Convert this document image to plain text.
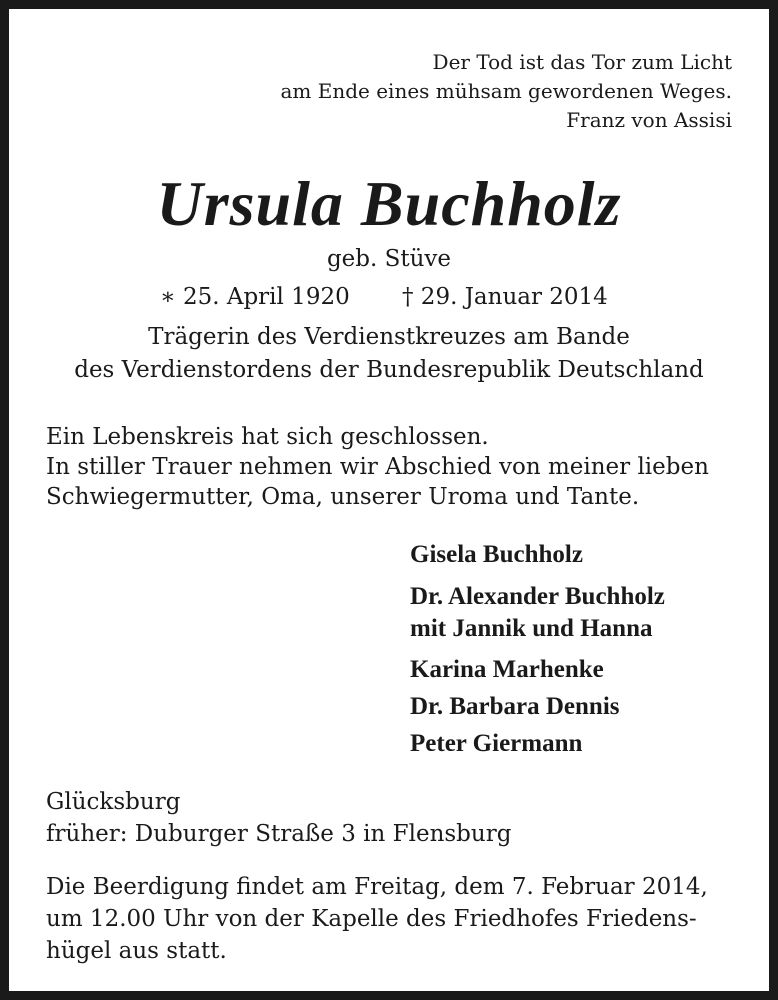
Der Tod ist das Tor zum Licht
am Ende eines mühsam gewordenen Weges.
Franz von Assisi
Ursula Buchholz
geb. Stüve
∗ 25. April 1920 † 29. Januar 2014
Trägerin des Verdienstkreuzes am Bande
des Verdienstordens der Bundesrepublik Deutschland
Ein Lebenskreis hat sich geschlossen.
In stiller Trauer nehmen wir Abschied von meiner lieben
Schwiegermutter, Oma, unserer Uroma und Tante.
Gisela Buchholz
Dr. Alexander Buchholz
mit Jannik und Hanna
Karina Marhenke
Dr. Barbara Dennis
Peter Giermann
Glücksburg
früher: Duburger Straße 3 in Flensburg
Die Beerdigung findet am Freitag, dem 7. Februar 2014,
um 12.00 Uhr von der Kapelle des Friedhofes Friedens-
hügel aus statt.
